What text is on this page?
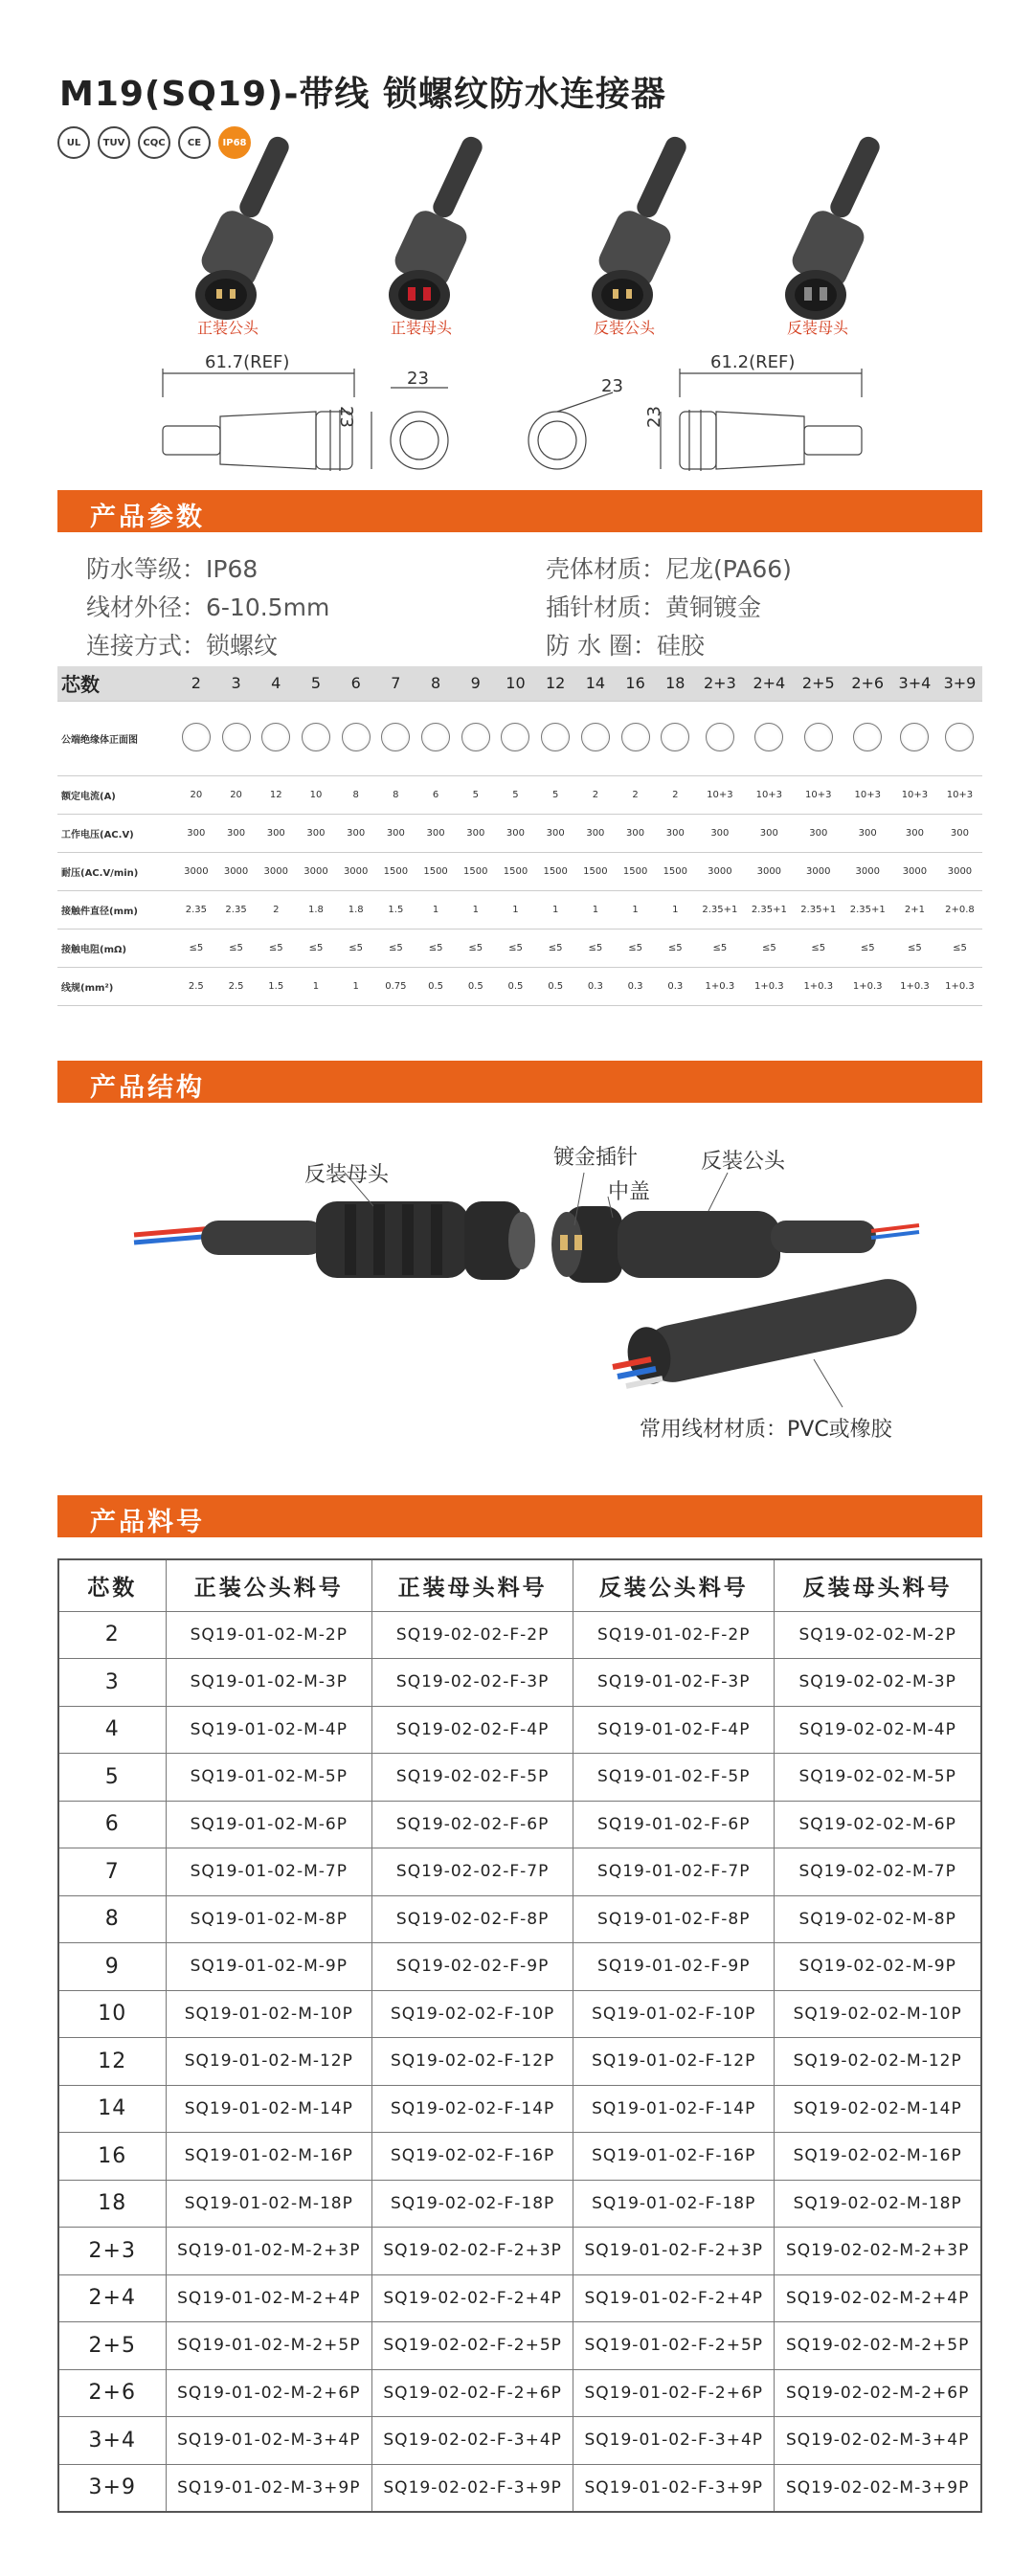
M19(SQ19)-带线 锁螺纹防水连接器
UL	TUV	CQC	CE	IP68
正装公头	正装母头	反装公头	反装母头
61.7(REF)
23
23	23
61.2(REF)
23
产品参数
防水等级：IP68
线材外径：6-10.5mm
连接方式：锁螺纹
壳体材质：尼龙(PA66)
插针材质：黄铜镀金
防 水 圈：硅胶
芯数	2	3	4	5	6	7	8	9	10	12	14	16	18	2+3	2+4	2+5	2+6	3+4	3+9
公端绝缘体正面图																			
额定电流(A)	20	20	12	10	8	8	6	5	5	5	2	2	2	10+3	10+3	10+3	10+3	10+3	10+3
工作电压(AC.V)	300	300	300	300	300	300	300	300	300	300	300	300	300	300	300	300	300	300	300
耐压(AC.V/min)	3000	3000	3000	3000	3000	1500	1500	1500	1500	1500	1500	1500	1500	3000	3000	3000	3000	3000	3000
接触件直径(mm)	2.35	2.35	2	1.8	1.8	1.5	1	1	1	1	1	1	1	2.35+1	2.35+1	2.35+1	2.35+1	2+1	2+0.8
接触电阻(mΩ)	≤5	≤5	≤5	≤5	≤5	≤5	≤5	≤5	≤5	≤5	≤5	≤5	≤5	≤5	≤5	≤5	≤5	≤5	≤5
线规(mm²)	2.5	2.5	1.5	1	1	0.75	0.5	0.5	0.5	0.5	0.3	0.3	0.3	1+0.3	1+0.3	1+0.3	1+0.3	1+0.3	1+0.3
产品结构
反装母头
镀金插针
中盖
反装公头
常用线材材质：PVC或橡胶
产品料号
芯数	正装公头料号	正装母头料号	反装公头料号	反装母头料号
2	SQ19-01-02-M-2P	SQ19-02-02-F-2P	SQ19-01-02-F-2P	SQ19-02-02-M-2P
3	SQ19-01-02-M-3P	SQ19-02-02-F-3P	SQ19-01-02-F-3P	SQ19-02-02-M-3P
4	SQ19-01-02-M-4P	SQ19-02-02-F-4P	SQ19-01-02-F-4P	SQ19-02-02-M-4P
5	SQ19-01-02-M-5P	SQ19-02-02-F-5P	SQ19-01-02-F-5P	SQ19-02-02-M-5P
6	SQ19-01-02-M-6P	SQ19-02-02-F-6P	SQ19-01-02-F-6P	SQ19-02-02-M-6P
7	SQ19-01-02-M-7P	SQ19-02-02-F-7P	SQ19-01-02-F-7P	SQ19-02-02-M-7P
8	SQ19-01-02-M-8P	SQ19-02-02-F-8P	SQ19-01-02-F-8P	SQ19-02-02-M-8P
9	SQ19-01-02-M-9P	SQ19-02-02-F-9P	SQ19-01-02-F-9P	SQ19-02-02-M-9P
10	SQ19-01-02-M-10P	SQ19-02-02-F-10P	SQ19-01-02-F-10P	SQ19-02-02-M-10P
12	SQ19-01-02-M-12P	SQ19-02-02-F-12P	SQ19-01-02-F-12P	SQ19-02-02-M-12P
14	SQ19-01-02-M-14P	SQ19-02-02-F-14P	SQ19-01-02-F-14P	SQ19-02-02-M-14P
16	SQ19-01-02-M-16P	SQ19-02-02-F-16P	SQ19-01-02-F-16P	SQ19-02-02-M-16P
18	SQ19-01-02-M-18P	SQ19-02-02-F-18P	SQ19-01-02-F-18P	SQ19-02-02-M-18P
2+3	SQ19-01-02-M-2+3P	SQ19-02-02-F-2+3P	SQ19-01-02-F-2+3P	SQ19-02-02-M-2+3P
2+4	SQ19-01-02-M-2+4P	SQ19-02-02-F-2+4P	SQ19-01-02-F-2+4P	SQ19-02-02-M-2+4P
2+5	SQ19-01-02-M-2+5P	SQ19-02-02-F-2+5P	SQ19-01-02-F-2+5P	SQ19-02-02-M-2+5P
2+6	SQ19-01-02-M-2+6P	SQ19-02-02-F-2+6P	SQ19-01-02-F-2+6P	SQ19-02-02-M-2+6P
3+4	SQ19-01-02-M-3+4P	SQ19-02-02-F-3+4P	SQ19-01-02-F-3+4P	SQ19-02-02-M-3+4P
3+9	SQ19-01-02-M-3+9P	SQ19-02-02-F-3+9P	SQ19-01-02-F-3+9P	SQ19-02-02-M-3+9P
